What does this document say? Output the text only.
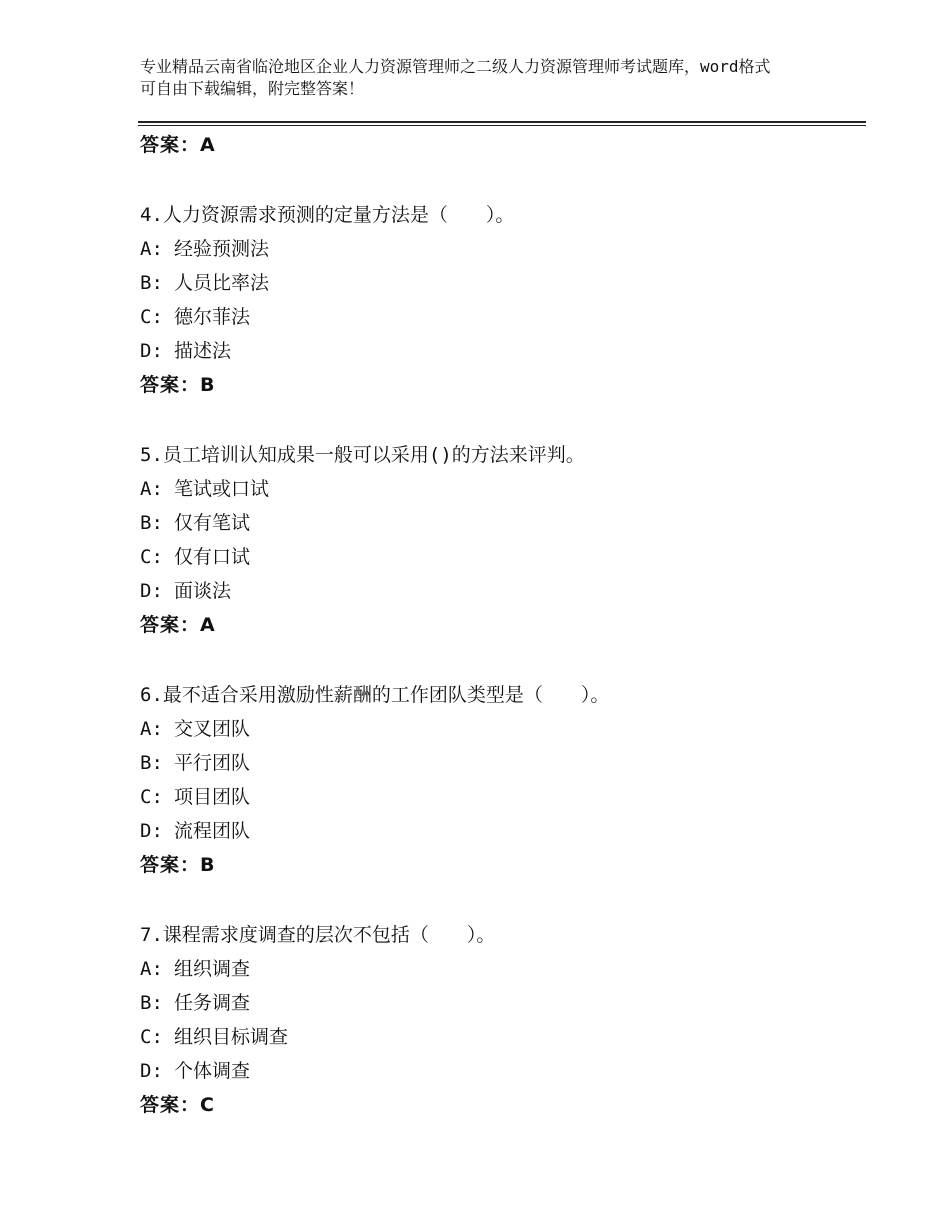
专业精品云南省临沧地区企业人力资源管理师之二级人力资源管理师考试题库，word格式可自由下载编辑，附完整答案！
答案：A
4.人力资源需求预测的定量方法是（　　）。
A: 经验预测法
B: 人员比率法
C: 德尔菲法
D: 描述法
答案：B
5.员工培训认知成果一般可以采用()的方法来评判。
A: 笔试或口试
B: 仅有笔试
C: 仅有口试
D: 面谈法
答案：A
6.最不适合采用激励性薪酬的工作团队类型是（　　）。
A: 交叉团队
B: 平行团队
C: 项目团队
D: 流程团队
答案：B
7.课程需求度调查的层次不包括（　　）。
A: 组织调查
B: 任务调查
C: 组织目标调查
D: 个体调查
答案：C
